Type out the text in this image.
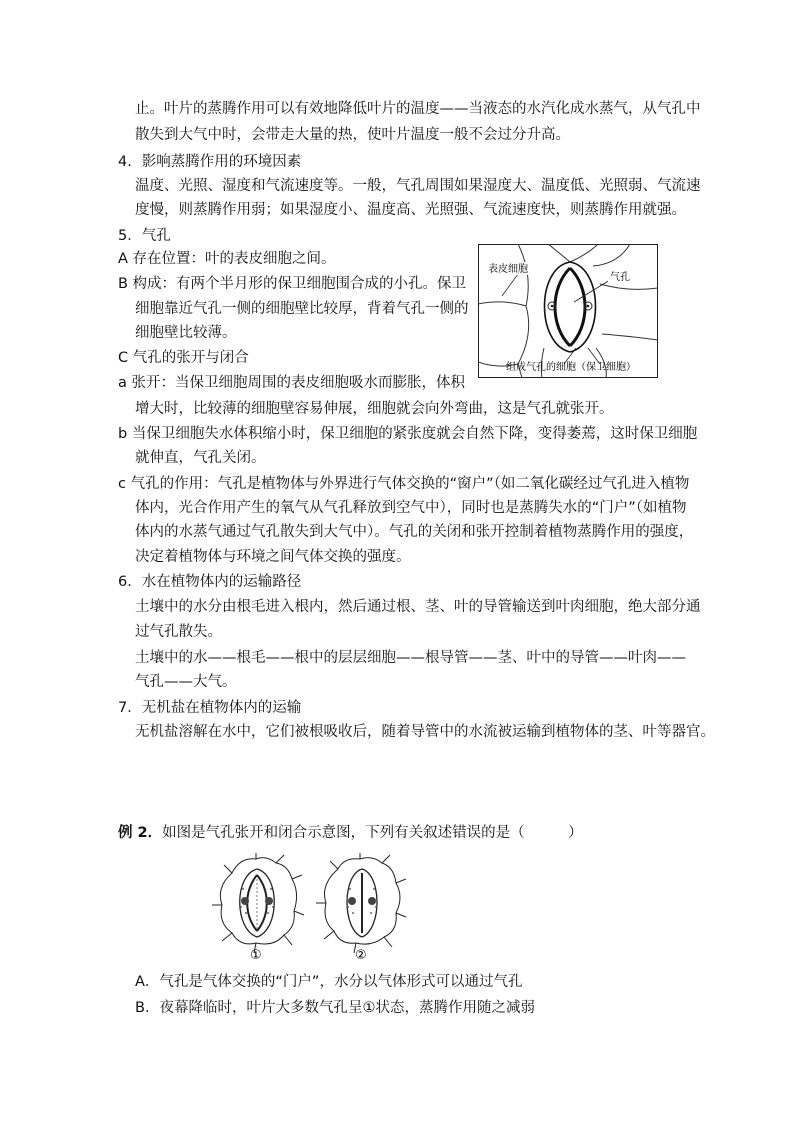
止。叶片的蒸腾作用可以有效地降低叶片的温度——当液态的水汽化成水蒸气，从气孔中
散失到大气中时，会带走大量的热，使叶片温度一般不会过分升高。
4．影响蒸腾作用的环境因素
温度、光照、湿度和气流速度等。一般，气孔周围如果湿度大、温度低、光照弱、气流速
度慢，则蒸腾作用弱；如果湿度小、温度高、光照强、气流速度快，则蒸腾作用就强。
5．气孔
A 存在位置：叶的表皮细胞之间。
B 构成：有两个半月形的保卫细胞围合成的小孔。保卫
细胞靠近气孔一侧的细胞壁比较厚，背着气孔一侧的
细胞壁比较薄。
C 气孔的张开与闭合
a 张开：当保卫细胞周围的表皮细胞吸水而膨胀，体积
增大时，比较薄的细胞壁容易伸展，细胞就会向外弯曲，这是气孔就张开。
b 当保卫细胞失水体积缩小时，保卫细胞的紧张度就会自然下降，变得萎蔫，这时保卫细胞
就伸直，气孔关闭。
c 气孔的作用：气孔是植物体与外界进行气体交换的“窗户”（如二氧化碳经过气孔进入植物
体内，光合作用产生的氧气从气孔释放到空气中），同时也是蒸腾失水的“门户”（如植物
体内的水蒸气通过气孔散失到大气中）。气孔的关闭和张开控制着植物蒸腾作用的强度，
决定着植物体与环境之间气体交换的强度。
6．水在植物体内的运输路径
土壤中的水分由根毛进入根内，然后通过根、茎、叶的导管输送到叶肉细胞，绝大部分通
过气孔散失。
土壤中的水——根毛——根中的层层细胞——根导管——茎、叶中的导管——叶肉——
气孔——大气。
7．无机盐在植物体内的运输
无机盐溶解在水中，它们被根吸收后，随着导管中的水流被运输到植物体的茎、叶等器官。
例 2．如图是气孔张开和闭合示意图，下列有关叙述错误的是（　　　）
A．气孔是气体交换的“门户”，水分以气体形式可以通过气孔
B．夜幕降临时，叶片大多数气孔呈①状态，蒸腾作用随之减弱
表皮细胞
气孔
组成气孔的细胞（保卫细胞）
①	②
